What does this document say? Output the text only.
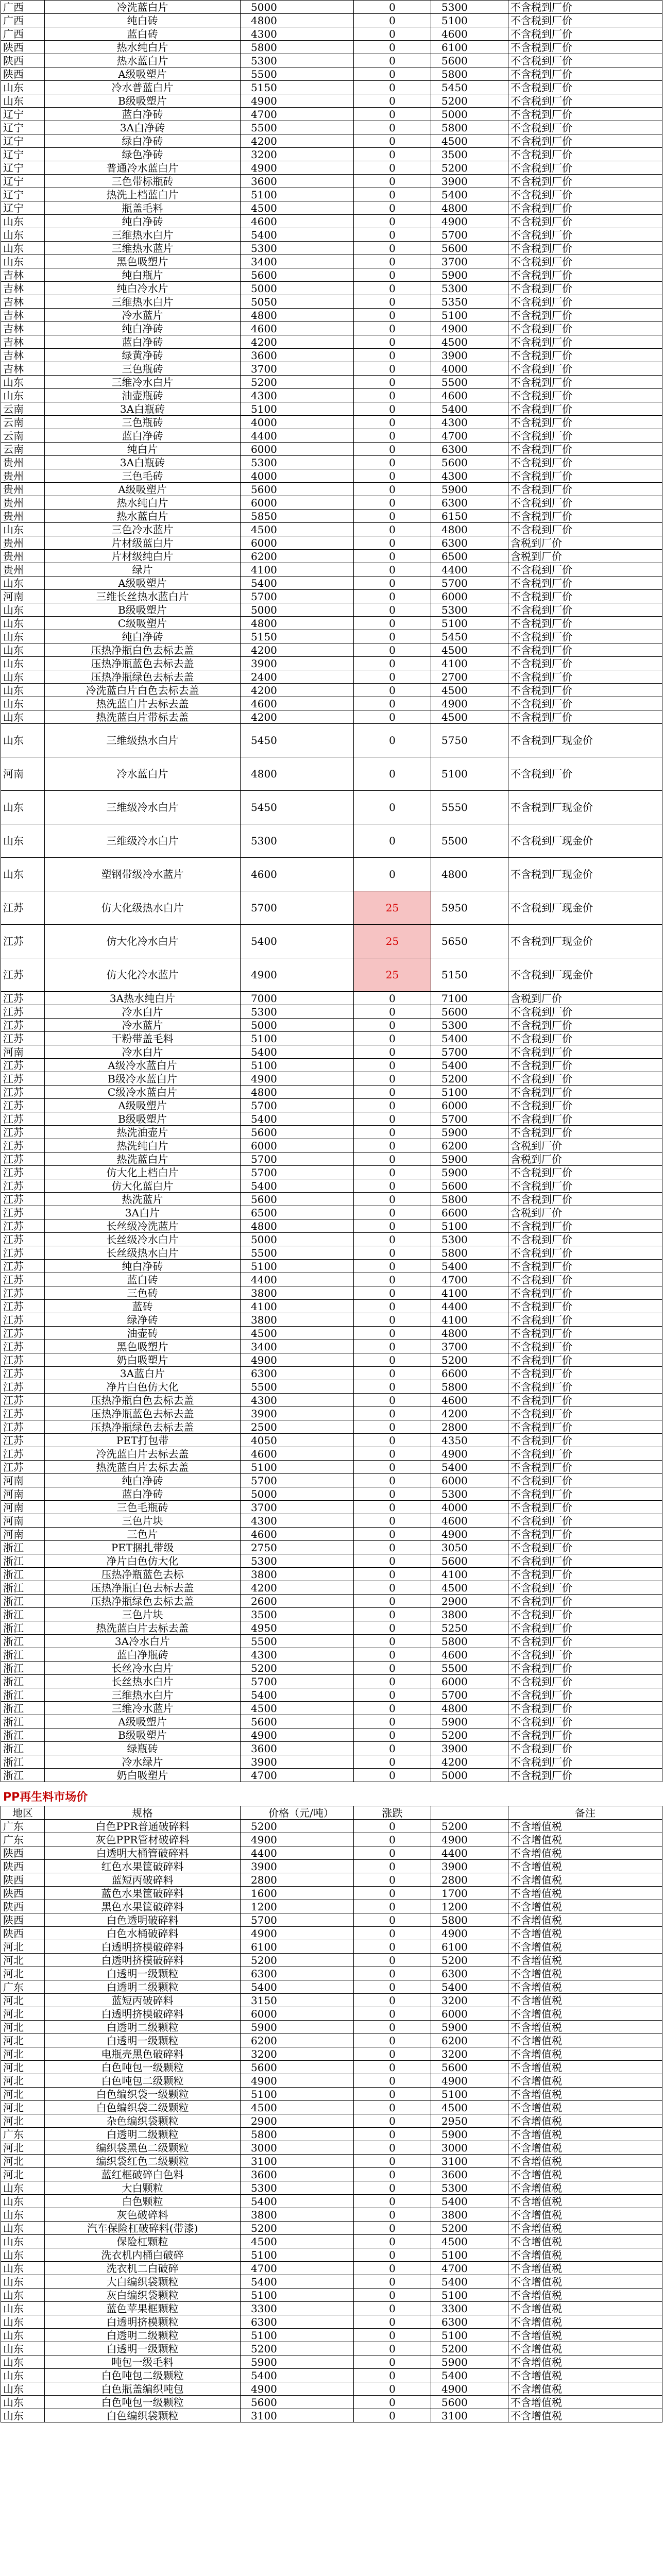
广西	冷洗蓝白片	5000	0	5300	不含税到厂价
广西	纯白砖	4800	0	5100	不含税到厂价
广西	蓝白砖	4300	0	4600	不含税到厂价
陕西	热水纯白片	5800	0	6100	不含税到厂价
陕西	热水蓝白片	5300	0	5600	不含税到厂价
陕西	A级吸塑片	5500	0	5800	不含税到厂价
山东	冷水普蓝白片	5150	0	5450	不含税到厂价
山东	B级吸塑片	4900	0	5200	不含税到厂价
辽宁	蓝白净砖	4700	0	5000	不含税到厂价
辽宁	3A白净砖	5500	0	5800	不含税到厂价
辽宁	绿白净砖	4200	0	4500	不含税到厂价
辽宁	绿色净砖	3200	0	3500	不含税到厂价
辽宁	普通冷水蓝白片	4900	0	5200	不含税到厂价
辽宁	三色带标瓶砖	3600	0	3900	不含税到厂价
辽宁	热洗上档蓝白片	5100	0	5400	不含税到厂价
辽宁	瓶盖毛料	4500	0	4800	不含税到厂价
山东	纯白净砖	4600	0	4900	不含税到厂价
山东	三维热水白片	5400	0	5700	不含税到厂价
山东	三维热水蓝片	5300	0	5600	不含税到厂价
山东	黑色吸塑片	3400	0	3700	不含税到厂价
吉林	纯白瓶片	5600	0	5900	不含税到厂价
吉林	纯白冷水片	5000	0	5300	不含税到厂价
吉林	三维热水白片	5050	0	5350	不含税到厂价
吉林	冷水蓝片	4800	0	5100	不含税到厂价
吉林	纯白净砖	4600	0	4900	不含税到厂价
吉林	蓝白净砖	4200	0	4500	不含税到厂价
吉林	绿黄净砖	3600	0	3900	不含税到厂价
吉林	三色瓶砖	3700	0	4000	不含税到厂价
山东	三维冷水白片	5200	0	5500	不含税到厂价
山东	油壶瓶砖	4300	0	4600	不含税到厂价
云南	3A白瓶砖	5100	0	5400	不含税到厂价
云南	三色瓶砖	4000	0	4300	不含税到厂价
云南	蓝白净砖	4400	0	4700	不含税到厂价
云南	纯白片	6000	0	6300	不含税到厂价
贵州	3A白瓶砖	5300	0	5600	不含税到厂价
贵州	三色毛砖	4000	0	4300	不含税到厂价
贵州	A级吸塑片	5600	0	5900	不含税到厂价
贵州	热水纯白片	6000	0	6300	不含税到厂价
贵州	热水蓝白片	5850	0	6150	不含税到厂价
山东	三色冷水蓝片	4500	0	4800	不含税到厂价
贵州	片材级蓝白片	6000	0	6300	含税到厂价
贵州	片材级纯白片	6200	0	6500	含税到厂价
贵州	绿片	4100	0	4400	不含税到厂价
山东	A级吸塑片	5400	0	5700	不含税到厂价
河南	三维长丝热水蓝白片	5700	0	6000	不含税到厂价
山东	B级吸塑片	5000	0	5300	不含税到厂价
山东	C级吸塑片	4800	0	5100	不含税到厂价
山东	纯白净砖	5150	0	5450	不含税到厂价
山东	压热净瓶白色去标去盖	4200	0	4500	不含税到厂价
山东	压热净瓶蓝色去标去盖	3900	0	4100	不含税到厂价
山东	压热净瓶绿色去标去盖	2400	0	2700	不含税到厂价
山东	冷洗蓝白片白色去标去盖	4200	0	4500	不含税到厂价
山东	热洗蓝白片去标去盖	4600	0	4900	不含税到厂价
山东	热洗蓝白片带标去盖	4200	0	4500	不含税到厂价
山东	三维级热水白片	5450	0	5750	不含税到厂现金价
河南	冷水蓝白片	4800	0	5100	不含税到厂价
山东	三维级冷水白片	5450	0	5550	不含税到厂现金价
山东	三维级冷水白片	5300	0	5500	不含税到厂现金价
山东	塑钢带级冷水蓝片	4600	0	4800	不含税到厂现金价
江苏	仿大化级热水白片	5700	25	5950	不含税到厂现金价
江苏	仿大化冷水白片	5400	25	5650	不含税到厂现金价
江苏	仿大化冷水蓝片	4900	25	5150	不含税到厂现金价
江苏	3A热水纯白片	7000	0	7100	含税到厂价
江苏	冷水白片	5300	0	5600	不含税到厂价
江苏	冷水蓝片	5000	0	5300	不含税到厂价
江苏	干粉带盖毛料	5100	0	5400	不含税到厂价
河南	冷水白片	5400	0	5700	不含税到厂价
江苏	A级冷水蓝白片	5100	0	5400	不含税到厂价
江苏	B级冷水蓝白片	4900	0	5200	不含税到厂价
江苏	C级冷水蓝白片	4800	0	5100	不含税到厂价
江苏	A级吸塑片	5700	0	6000	不含税到厂价
江苏	B级吸塑片	5400	0	5700	不含税到厂价
江苏	热洗油壶片	5600	0	5900	不含税到厂价
江苏	热洗纯白片	6000	0	6200	含税到厂价
江苏	热洗蓝白片	5700	0	5900	含税到厂价
江苏	仿大化上档白片	5700	0	5900	不含税到厂价
江苏	仿大化蓝白片	5400	0	5600	不含税到厂价
江苏	热洗蓝片	5600	0	5800	不含税到厂价
江苏	3A白片	6500	0	6600	含税到厂价
江苏	长丝级冷洗蓝片	4800	0	5100	不含税到厂价
江苏	长丝级冷水白片	5000	0	5300	不含税到厂价
江苏	长丝级热水白片	5500	0	5800	不含税到厂价
江苏	纯白净砖	5100	0	5400	不含税到厂价
江苏	蓝白砖	4400	0	4700	不含税到厂价
江苏	三色砖	3800	0	4100	不含税到厂价
江苏	蓝砖	4100	0	4400	不含税到厂价
江苏	绿净砖	3800	0	4100	不含税到厂价
江苏	油壶砖	4500	0	4800	不含税到厂价
江苏	黑色吸塑片	3400	0	3700	不含税到厂价
江苏	奶白吸塑片	4900	0	5200	不含税到厂价
江苏	3A蓝白片	6300	0	6600	不含税到厂价
江苏	净片白色仿大化	5500	0	5800	不含税到厂价
江苏	压热净瓶白色去标去盖	4300	0	4600	不含税到厂价
江苏	压热净瓶蓝色去标去盖	3900	0	4200	不含税到厂价
江苏	压热净瓶绿色去标去盖	2500	0	2800	不含税到厂价
江苏	PET打包带	4050	0	4350	不含税到厂价
江苏	冷洗蓝白片去标去盖	4600	0	4900	不含税到厂价
江苏	热洗蓝白片去标去盖	5100	0	5400	不含税到厂价
河南	纯白净砖	5700	0	6000	不含税到厂价
河南	蓝白净砖	5000	0	5300	不含税到厂价
河南	三色毛瓶砖	3700	0	4000	不含税到厂价
河南	三色片块	4300	0	4600	不含税到厂价
河南	三色片	4600	0	4900	不含税到厂价
浙江	PET捆扎带级	2750	0	3050	不含税到厂价
浙江	净片白色仿大化	5300	0	5600	不含税到厂价
浙江	压热净瓶蓝色去标	3800	0	4100	不含税到厂价
浙江	压热净瓶白色去标去盖	4200	0	4500	不含税到厂价
浙江	压热净瓶绿色去标去盖	2600	0	2900	不含税到厂价
浙江	三色片块	3500	0	3800	不含税到厂价
浙江	热洗蓝白片去标去盖	4950	0	5250	不含税到厂价
浙江	3A冷水白片	5500	0	5800	不含税到厂价
浙江	蓝白净瓶砖	4300	0	4600	不含税到厂价
浙江	长丝冷水白片	5200	0	5500	不含税到厂价
浙江	长丝热水白片	5700	0	6000	不含税到厂价
浙江	三维热水白片	5400	0	5700	不含税到厂价
浙江	三维冷水蓝片	4500	0	4800	不含税到厂价
浙江	A级吸塑片	5600	0	5900	不含税到厂价
浙江	B级吸塑片	4900	0	5200	不含税到厂价
浙江	绿瓶砖	3600	0	3900	不含税到厂价
浙江	冷水绿片	3900	0	4200	不含税到厂价
浙江	奶白吸塑片	4700	0	5000	不含税到厂价
PP再生料市场价
地区	规格	价格（元/吨）	涨跌		备注
广东	白色PPR普通破碎料	5200	0	5200	不含增值税
广东	灰色PPR管材破碎料	4900	0	4900	不含增值税
陕西	白透明大桶管破碎料	4400	0	4400	不含增值税
陕西	红色水果筐破碎料	3900	0	3900	不含增值税
陕西	蓝短丙破碎料	2800	0	2800	不含增值税
陕西	蓝色水果筐破碎料	1600	0	1700	不含增值税
陕西	黑色水果筐破碎料	1200	0	1200	不含增值税
陕西	白色透明破碎料	5700	0	5800	不含增值税
陕西	白色水桶破碎料	4900	0	4900	不含增值税
河北	白透明挤模破碎料	6100	0	6100	不含增值税
河北	白透明挤模破碎料	5200	0	5200	不含增值税
河北	白透明一级颗粒	6300	0	6300	不含增值税
广东	白透明二级颗粒	5400	0	5400	不含增值税
河北	蓝短丙破碎料	3150	0	3200	不含增值税
河北	白透明挤模破碎料	6000	0	6000	不含增值税
河北	白透明二级颗粒	5900	0	5900	不含增值税
河北	白透明一级颗粒	6200	0	6200	不含增值税
河北	电瓶壳黑色破碎料	3200	0	3200	不含增值税
河北	白色吨包一级颗粒	5600	0	5600	不含增值税
河北	白色吨包二级颗粒	4900	0	4900	不含增值税
河北	白色编织袋一级颗粒	5100	0	5100	不含增值税
河北	白色编织袋二级颗粒	4500	0	4500	不含增值税
河北	杂色编织袋颗粒	2900	0	2950	不含增值税
广东	白透明二级颗粒	5800	0	5900	不含增值税
河北	编织袋黑色二级颗粒	3000	0	3000	不含增值税
河北	编织袋红色二级颗粒	3100	0	3100	不含增值税
河北	蓝红框破碎白色料	3600	0	3600	不含增值税
山东	大白颗粒	5300	0	5300	不含增值税
山东	白色颗粒	5400	0	5400	不含增值税
山东	灰色破碎料	3800	0	3800	不含增值税
山东	汽车保险杠破碎料(带漆)	5200	0	5200	不含增值税
山东	保险杠颗粒	4500	0	4500	不含增值税
山东	洗衣机内桶白破碎	5100	0	5100	不含增值税
山东	洗衣机二白破碎	4700	0	4700	不含增值税
山东	大白编织袋颗粒	5400	0	5400	不含增值税
山东	灰白编织袋颗粒	5100	0	5100	不含增值税
山东	蓝色苹果框颗粒	3300	0	3300	不含增值税
山东	白透明挤模颗粒	6300	0	6300	不含增值税
山东	白透明二级颗粒	5100	0	5100	不含增值税
山东	白透明一级颗粒	5200	0	5200	不含增值税
山东	吨包一级毛料	5900	0	5900	不含增值税
山东	白色吨包二级颗粒	5400	0	5400	不含增值税
山东	白色瓶盖编织吨包	4900	0	4900	不含增值税
山东	白色吨包一级颗粒	5600	0	5600	不含增值税
山东	白色编织袋颗粒	3100	0	3100	不含增值税
